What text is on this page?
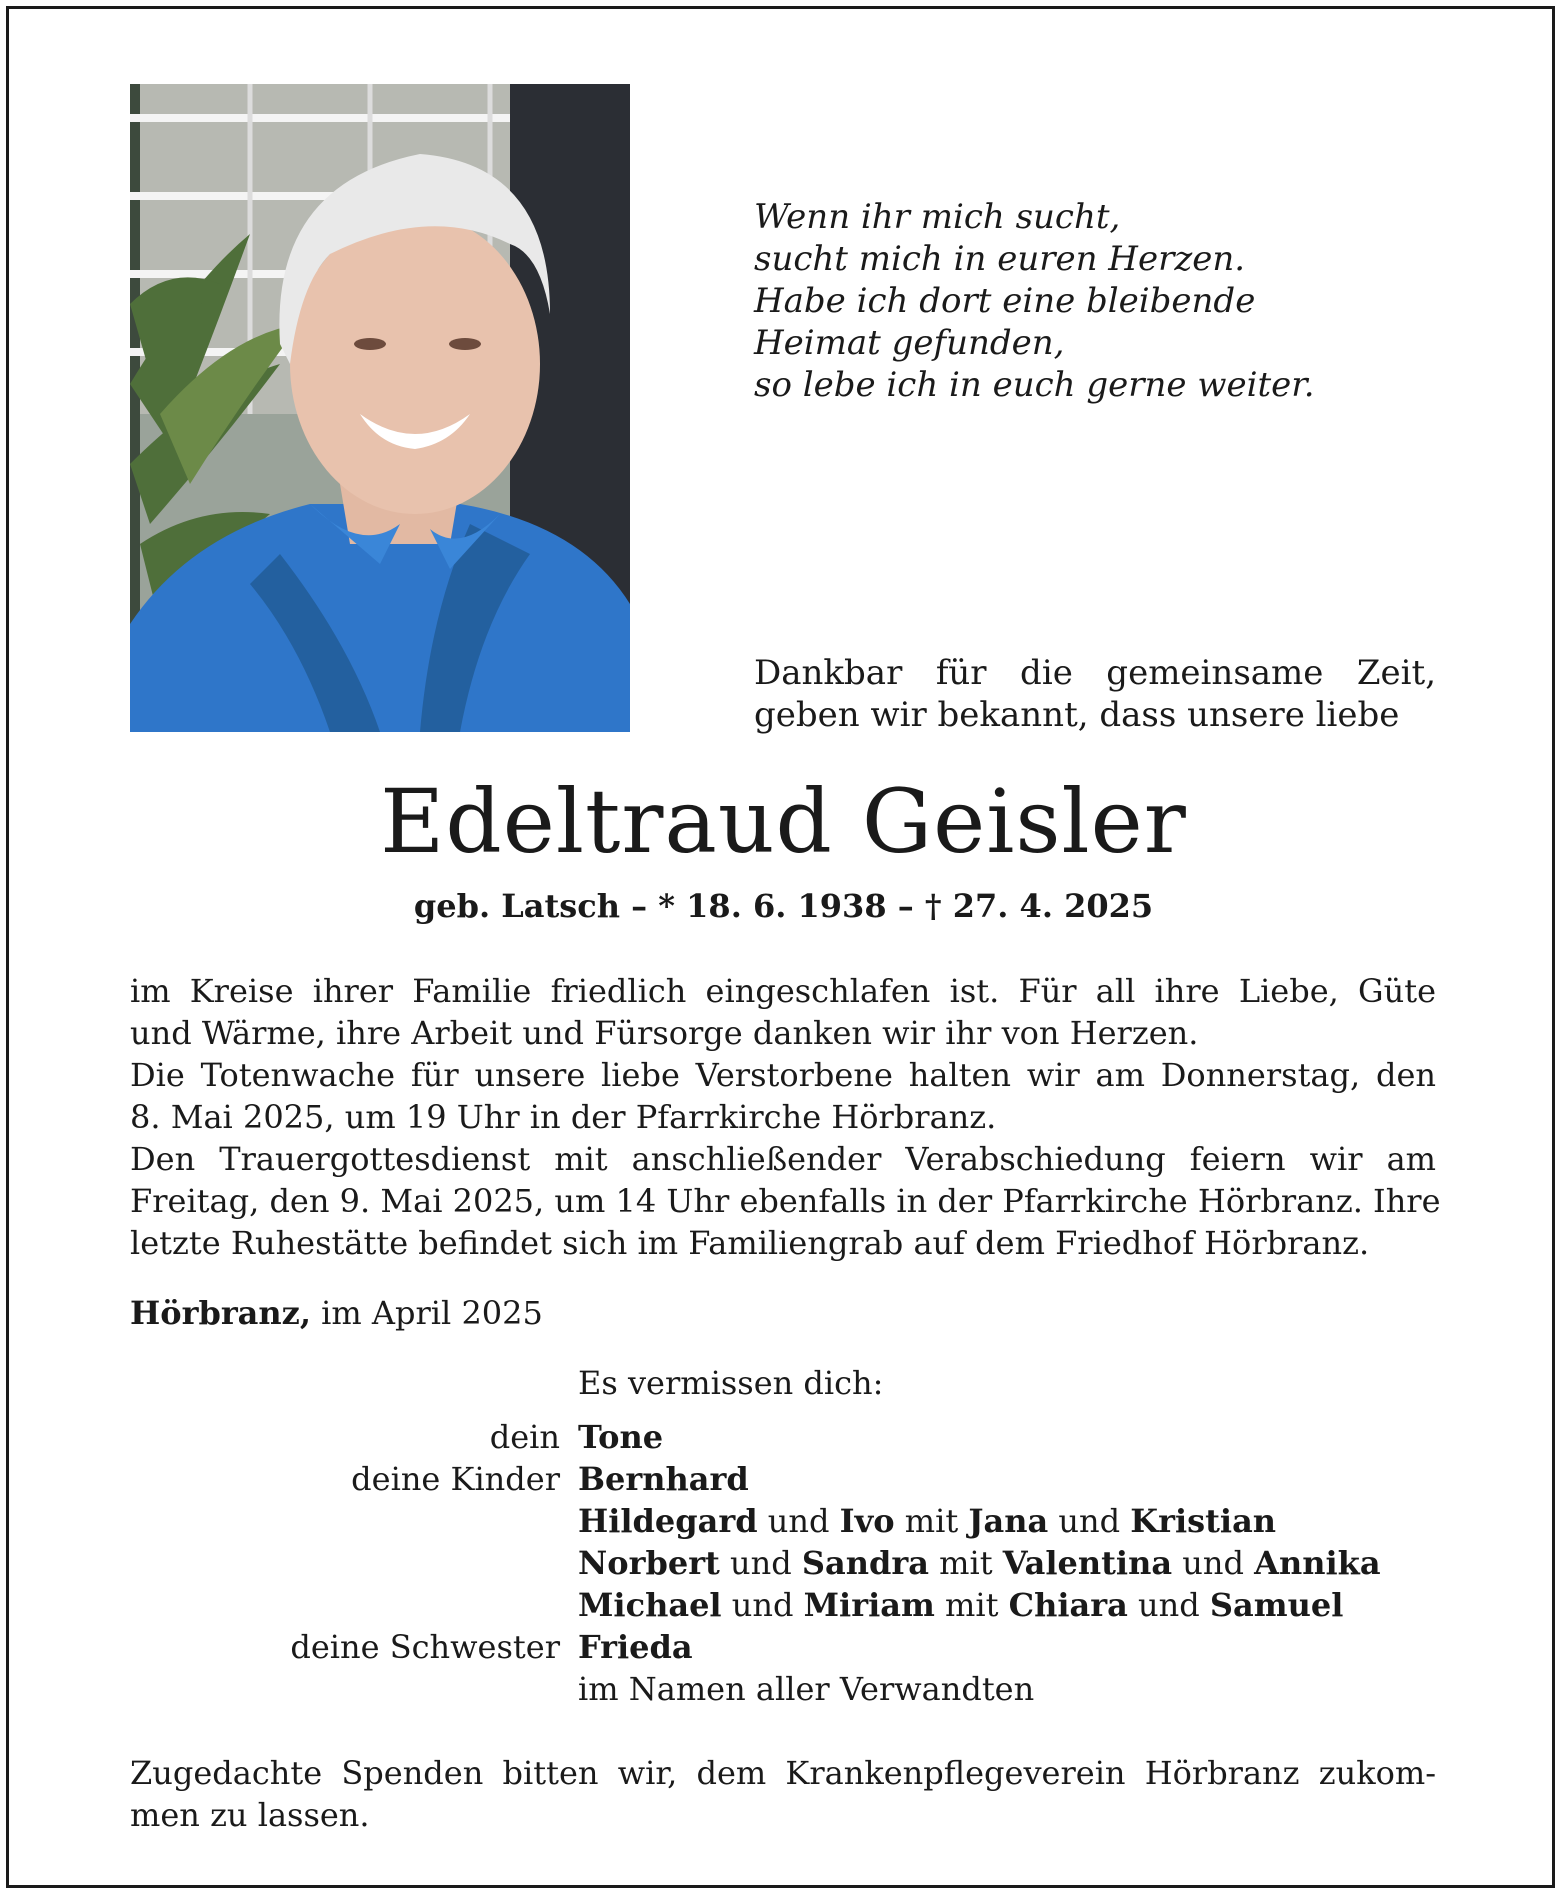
Wenn ihr mich sucht,
sucht mich in euren Herzen.
Habe ich dort eine bleibende
Heimat gefunden,
so lebe ich in euch gerne weiter.
Dankbar für die gemeinsame Zeit,
geben wir bekannt, dass unsere liebe
Edeltraud Geisler
geb. Latsch – * 18. 6. 1938 – † 27. 4. 2025
im Kreise ihrer Familie friedlich eingeschlafen ist. Für all ihre Liebe, Güte
und Wärme, ihre Arbeit und Fürsorge danken wir ihr von Herzen.
Die Totenwache für unsere liebe Verstorbene halten wir am Donnerstag, den
8. Mai 2025, um 19 Uhr in der Pfarrkirche Hörbranz.
Den Trauergottesdienst mit anschließender Verabschiedung feiern wir am
Freitag, den 9. Mai 2025, um 14 Uhr ebenfalls in der Pfarrkirche Hörbranz. Ihre
letzte Ruhestätte befindet sich im Familiengrab auf dem Friedhof Hörbranz.
Hörbranz, im April 2025
Es vermissen dich:
dein Tone
deine Kinder Bernhard
Hildegard und Ivo mit Jana und Kristian
Norbert und Sandra mit Valentina und Annika
Michael und Miriam mit Chiara und Samuel
deine Schwester Frieda
im Namen aller Verwandten
Zugedachte Spenden bitten wir, dem Krankenpflegeverein Hörbranz zukom-
men zu lassen.
